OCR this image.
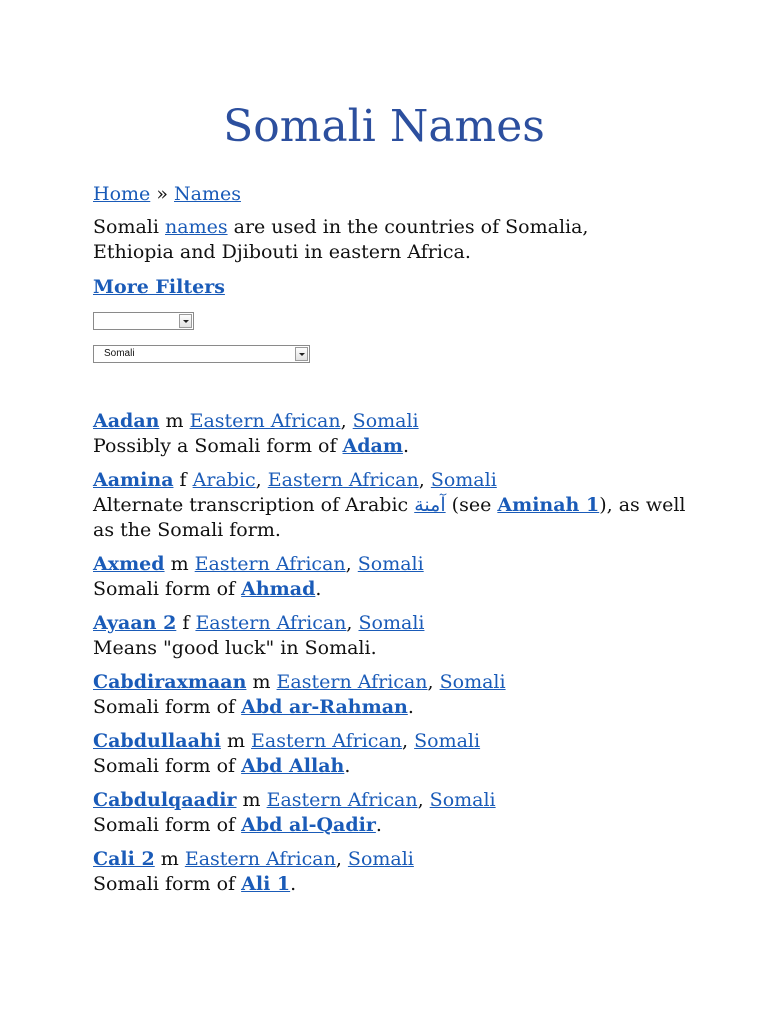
Somali Names
Home » Names

Somali names are used in the countries of Somalia, Ethiopia and Djibouti in eastern Africa.

More Filters
Somali
Aadan m Eastern African, Somali
Possibly a Somali form of Adam.
Aamina f Arabic, Eastern African, Somali
Alternate transcription of Arabic آمنة (see Aminah 1), as well as the Somali form.
Axmed m Eastern African, Somali
Somali form of Ahmad.
Ayaan 2 f Eastern African, Somali
Means "good luck" in Somali.
Cabdiraxmaan m Eastern African, Somali
Somali form of Abd ar-Rahman.
Cabdullaahi m Eastern African, Somali
Somali form of Abd Allah.
Cabdulqaadir m Eastern African, Somali
Somali form of Abd al-Qadir.
Cali 2 m Eastern African, Somali
Somali form of Ali 1.
